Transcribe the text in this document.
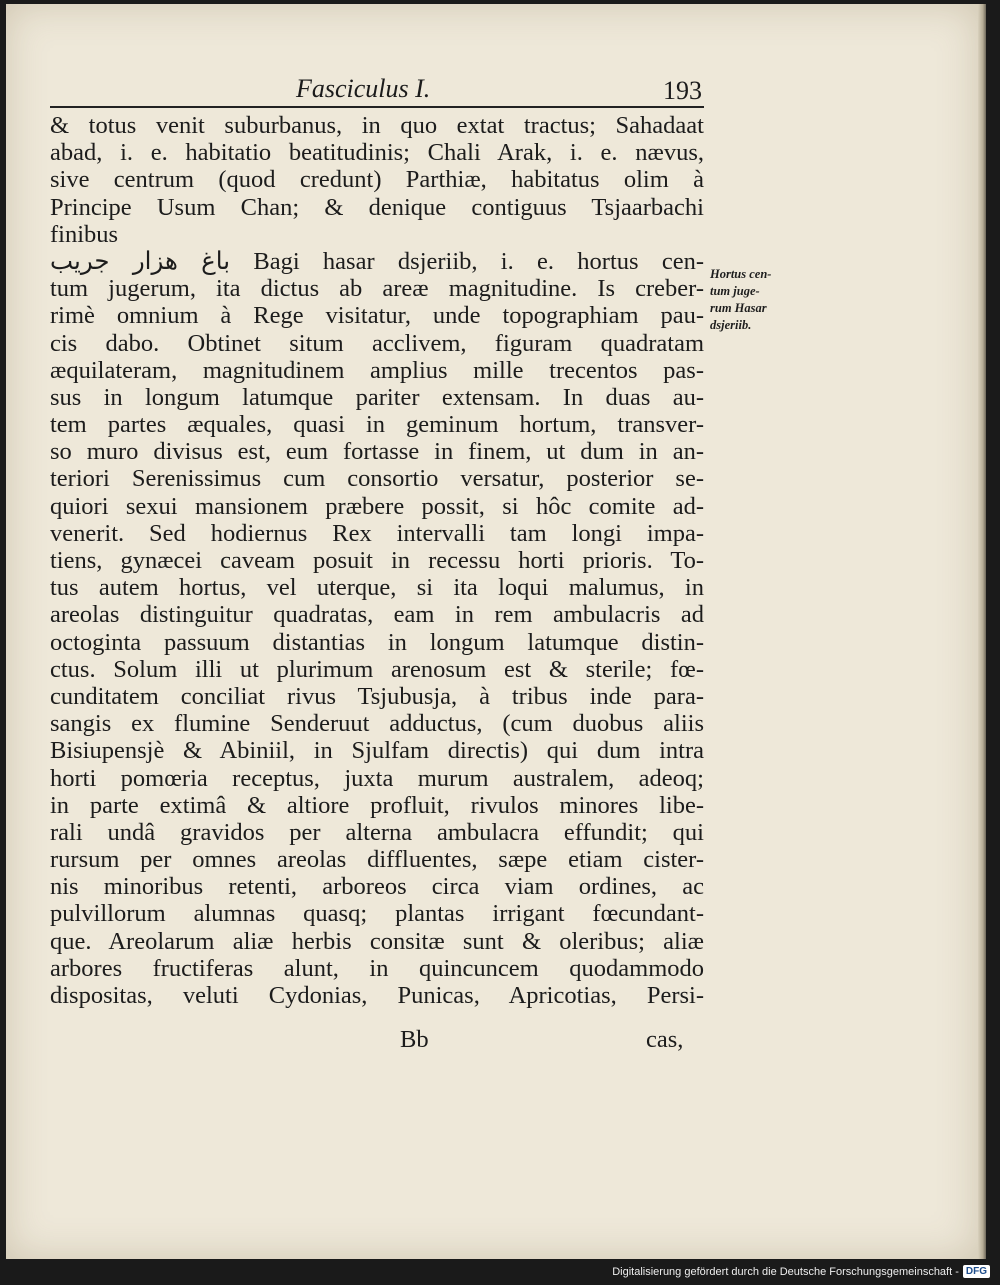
Fasciculus I.	193
& totus venit suburbanus, in quo extat tractus; Sahadaat
abad, i. e. habitatio beatitudinis; Chali Arak, i. e. nævus,
sive centrum (quod credunt) Parthiæ, habitatus olim à
Principe Usum Chan; & denique contiguus Tsjaarbachi
finibus
باغ هزار جريب Bagi hasar dsjeriib, i. e. hortus cen-
tum jugerum, ita dictus ab areæ magnitudine. Is creber-
rimè omnium à Rege visitatur, unde topographiam pau-
cis dabo. Obtinet situm acclivem, figuram quadratam
æquilateram, magnitudinem amplius mille trecentos pas-
sus in longum latumque pariter extensam. In duas au-
tem partes æquales, quasi in geminum hortum, transver-
so muro divisus est, eum fortasse in finem, ut dum in an-
teriori Serenissimus cum consortio versatur, posterior se-
quiori sexui mansionem præbere possit, si hôc comite ad-
venerit. Sed hodiernus Rex intervalli tam longi impa-
tiens, gynæcei caveam posuit in recessu horti prioris. To-
tus autem hortus, vel uterque, si ita loqui malumus, in
areolas distinguitur quadratas, eam in rem ambulacris ad
octoginta passuum distantias in longum latumque distin-
ctus. Solum illi ut plurimum arenosum est & sterile; fœ-
cunditatem conciliat rivus Tsjubusja, à tribus inde para-
sangis ex flumine Senderuut adductus, (cum duobus aliis
Bisiupensjè & Abiniil, in Sjulfam directis) qui dum intra
horti pomœria receptus, juxta murum australem, adeoq;
in parte extimâ & altiore profluit, rivulos minores libe-
rali undâ gravidos per alterna ambulacra effundit; qui
rursum per omnes areolas diffluentes, sæpe etiam cister-
nis minoribus retenti, arboreos circa viam ordines, ac
pulvillorum alumnas quasq; plantas irrigant fœcundant-
que. Areolarum aliæ herbis consitæ sunt & oleribus; aliæ
arbores fructiferas alunt, in quincuncem quodammodo
dispositas, veluti Cydonias, Punicas, Apricotias, Persi-
Hortus cen-
tum juge-
rum Hasar
dsjeriib.
Bb	cas,
Digitalisierung gefördert durch die Deutsche Forschungsgemeinschaft - DFG
